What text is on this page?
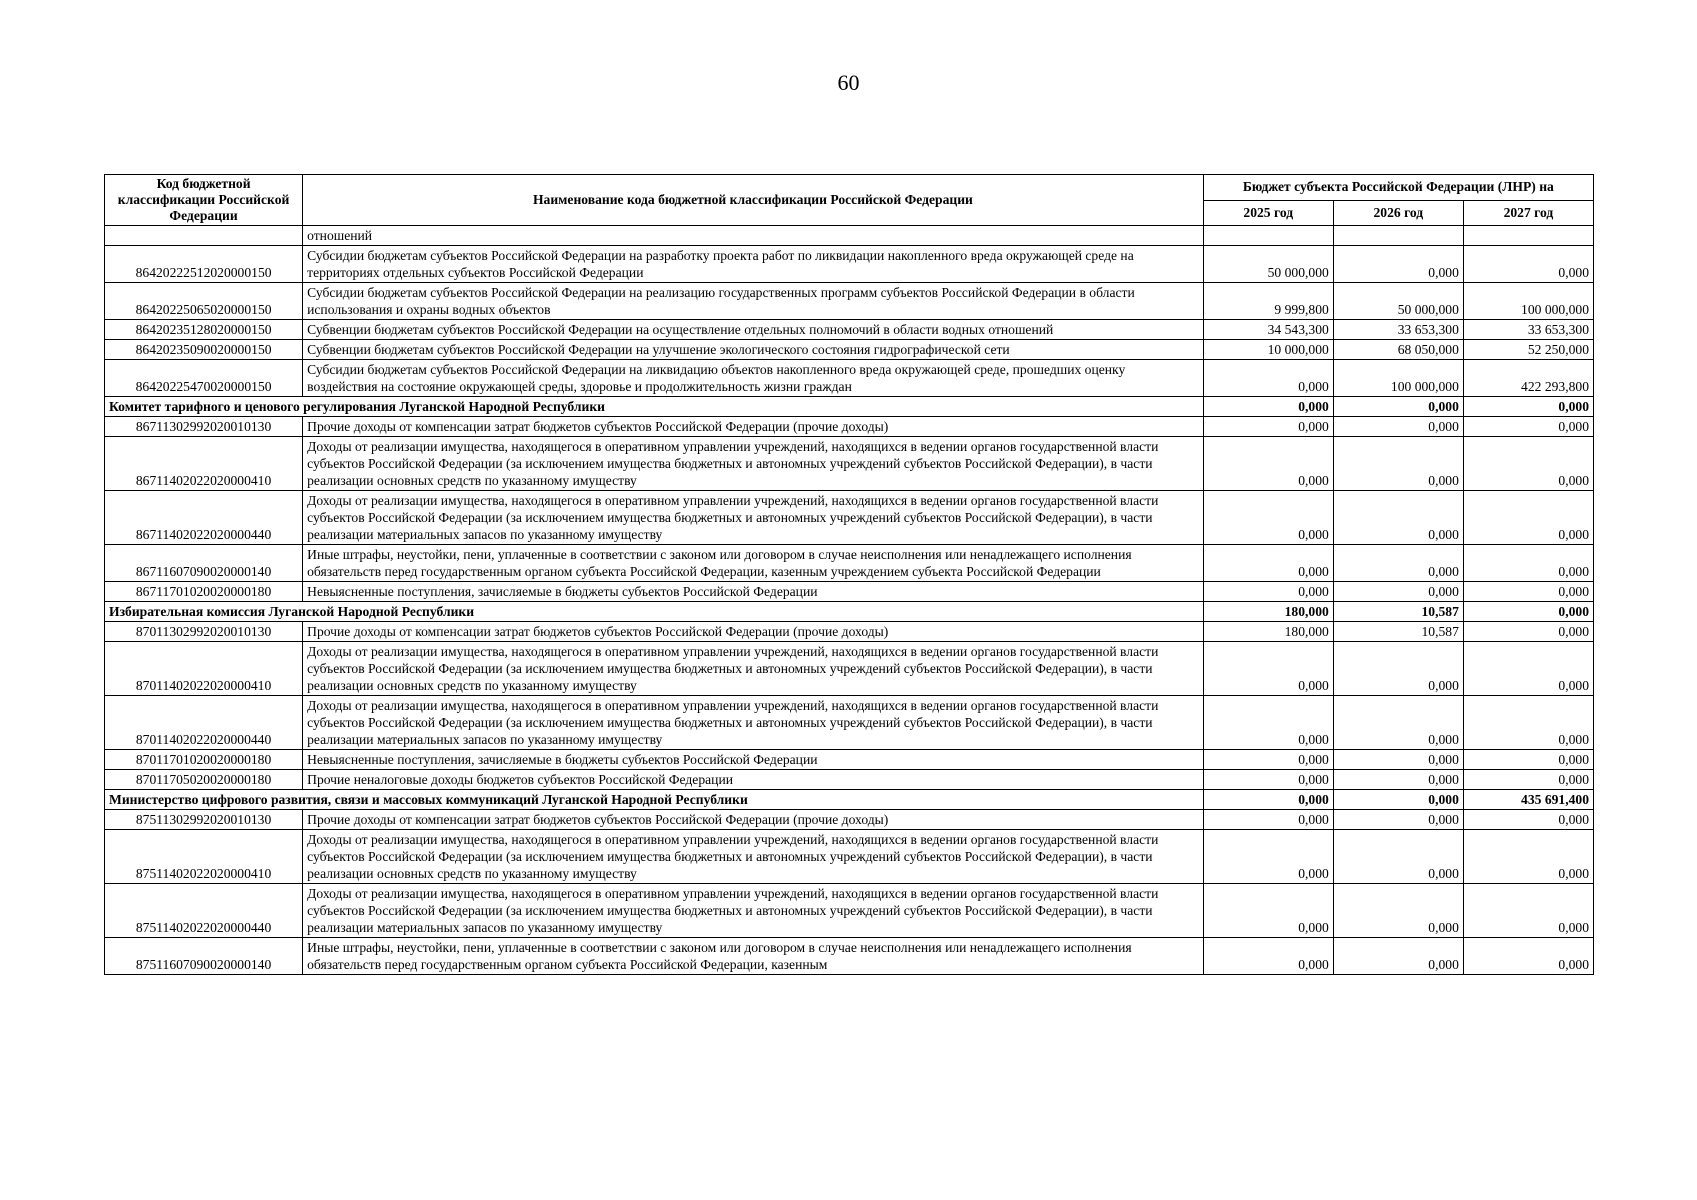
60
Код бюджетной классификации Российской Федерации	Наименование кода бюджетной классификации Российской Федерации	Бюджет субъекта Российской Федерации (ЛНР) на		
		2025 год	2026 год	2027 год
	отношений			
86420222512020000150	Субсидии бюджетам субъектов Российской Федерации на разработку проекта работ по ликвидации накопленного вреда окружающей среде на территориях отдельных субъектов Российской Федерации	50 000,000	0,000	0,000
86420225065020000150	Субсидии бюджетам субъектов Российской Федерации на реализацию государственных программ субъектов Российской Федерации в области использования и охраны водных объектов	9 999,800	50 000,000	100 000,000
86420235128020000150	Субвенции бюджетам субъектов Российской Федерации на осуществление отдельных полномочий в области водных отношений	34 543,300	33 653,300	33 653,300
86420235090020000150	Субвенции бюджетам субъектов Российской Федерации на улучшение экологического состояния гидрографической сети	10 000,000	68 050,000	52 250,000
86420225470020000150	Субсидии бюджетам субъектов Российской Федерации на ликвидацию объектов накопленного вреда окружающей среде, прошедших оценку воздействия на состояние окружающей среды, здоровье и продолжительность жизни граждан	0,000	100 000,000	422 293,800
Комитет тарифного и ценового регулирования Луганской Народной Республики		0,000	0,000	0,000
86711302992020010130	Прочие доходы от компенсации затрат бюджетов субъектов Российской Федерации (прочие доходы)	0,000	0,000	0,000
86711402022020000410	Доходы от реализации имущества, находящегося в оперативном управлении учреждений, находящихся в ведении органов государственной власти субъектов Российской Федерации (за исключением имущества бюджетных и автономных учреждений субъектов Российской Федерации), в части реализации основных средств по указанному имуществу	0,000	0,000	0,000
86711402022020000440	Доходы от реализации имущества, находящегося в оперативном управлении учреждений, находящихся в ведении органов государственной власти субъектов Российской Федерации (за исключением имущества бюджетных и автономных учреждений субъектов Российской Федерации), в части реализации материальных запасов по указанному имуществу	0,000	0,000	0,000
86711607090020000140	Иные штрафы, неустойки, пени, уплаченные в соответствии с законом или договором в случае неисполнения или ненадлежащего исполнения обязательств перед государственным органом субъекта Российской Федерации, казенным учреждением субъекта Российской Федерации	0,000	0,000	0,000
86711701020020000180	Невыясненные поступления, зачисляемые в бюджеты субъектов Российской Федерации	0,000	0,000	0,000
Избирательная комиссия Луганской Народной Республики		180,000	10,587	0,000
87011302992020010130	Прочие доходы от компенсации затрат бюджетов субъектов Российской Федерации (прочие доходы)	180,000	10,587	0,000
87011402022020000410	Доходы от реализации имущества, находящегося в оперативном управлении учреждений, находящихся в ведении органов государственной власти субъектов Российской Федерации (за исключением имущества бюджетных и автономных учреждений субъектов Российской Федерации), в части реализации основных средств по указанному имуществу	0,000	0,000	0,000
87011402022020000440	Доходы от реализации имущества, находящегося в оперативном управлении учреждений, находящихся в ведении органов государственной власти субъектов Российской Федерации (за исключением имущества бюджетных и автономных учреждений субъектов Российской Федерации), в части реализации материальных запасов по указанному имуществу	0,000	0,000	0,000
87011701020020000180	Невыясненные поступления, зачисляемые в бюджеты субъектов Российской Федерации	0,000	0,000	0,000
87011705020020000180	Прочие неналоговые доходы бюджетов субъектов Российской Федерации	0,000	0,000	0,000
Министерство цифрового развития, связи и массовых коммуникаций Луганской Народной Республики		0,000	0,000	435 691,400
87511302992020010130	Прочие доходы от компенсации затрат бюджетов субъектов Российской Федерации (прочие доходы)	0,000	0,000	0,000
87511402022020000410	Доходы от реализации имущества, находящегося в оперативном управлении учреждений, находящихся в ведении органов государственной власти субъектов Российской Федерации (за исключением имущества бюджетных и автономных учреждений субъектов Российской Федерации), в части реализации основных средств по указанному имуществу	0,000	0,000	0,000
87511402022020000440	Доходы от реализации имущества, находящегося в оперативном управлении учреждений, находящихся в ведении органов государственной власти субъектов Российской Федерации (за исключением имущества бюджетных и автономных учреждений субъектов Российской Федерации), в части реализации материальных запасов по указанному имуществу	0,000	0,000	0,000
87511607090020000140	Иные штрафы, неустойки, пени, уплаченные в соответствии с законом или договором в случае неисполнения или ненадлежащего исполнения обязательств перед государственным органом субъекта Российской Федерации, казенным	0,000	0,000	0,000
